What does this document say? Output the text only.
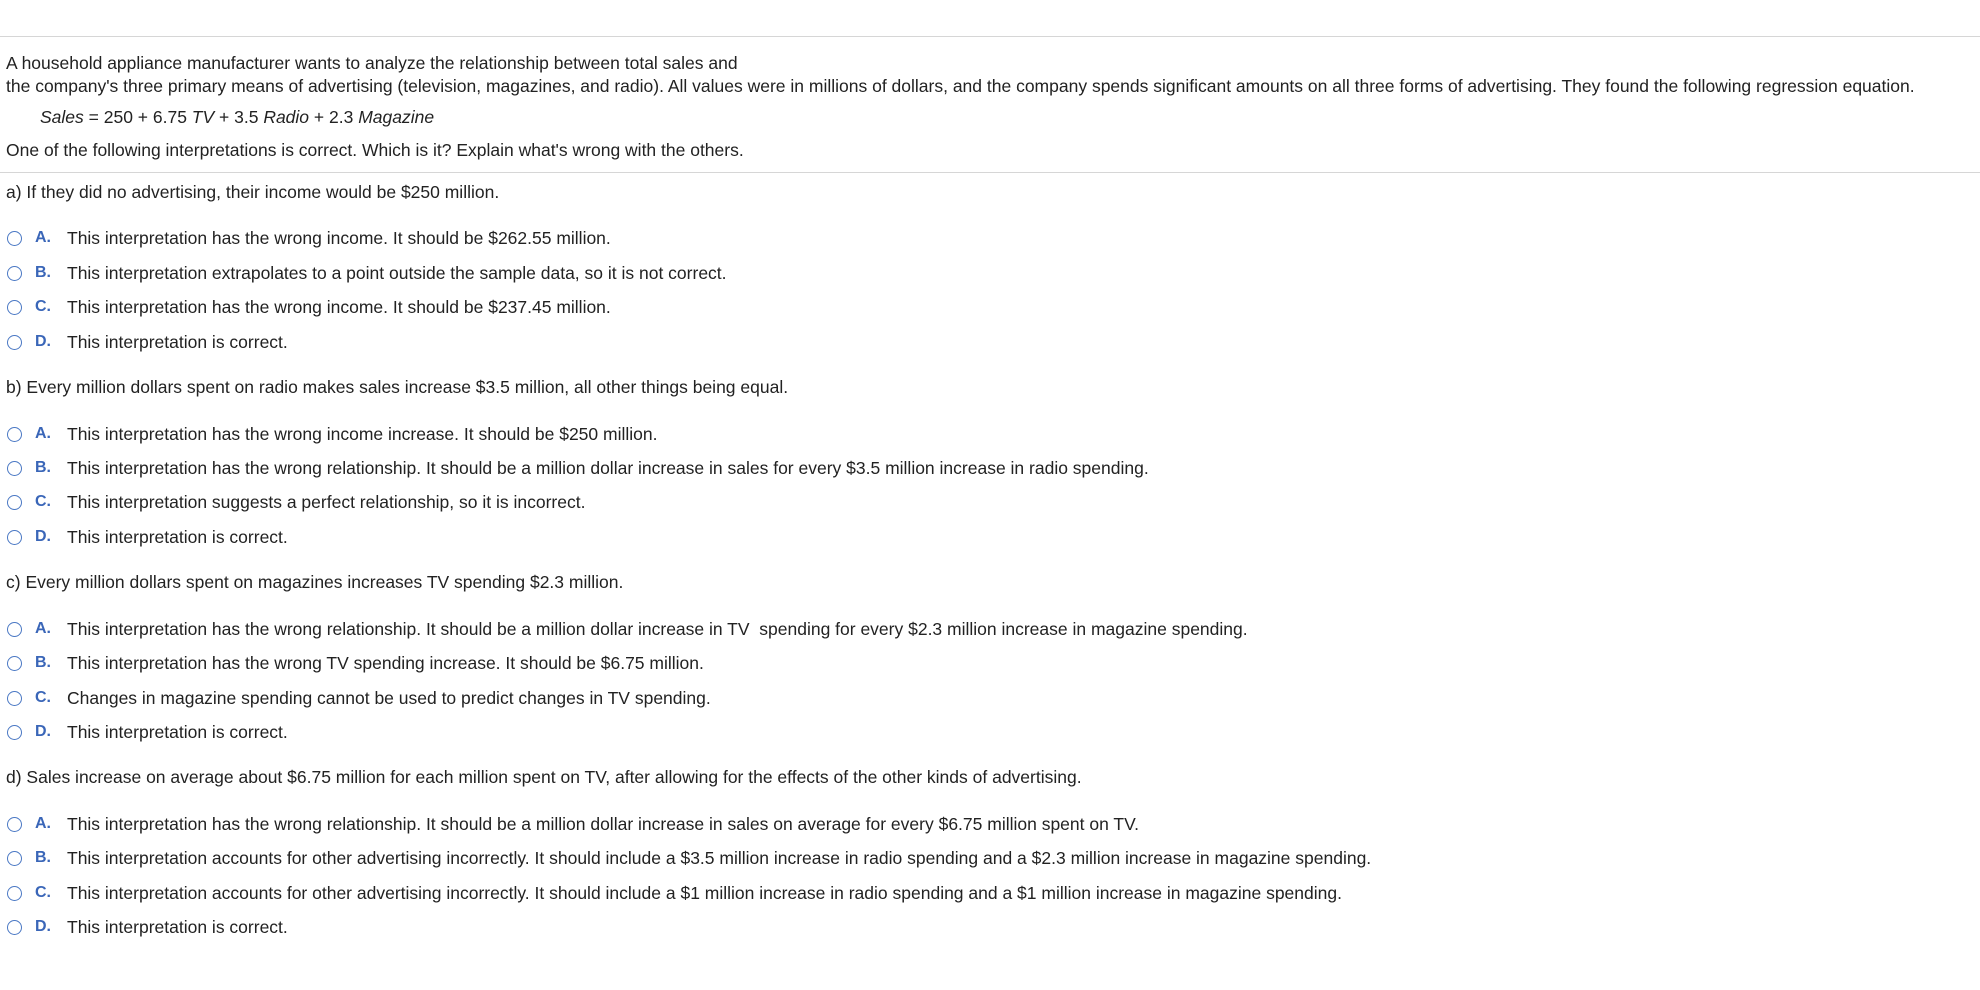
A household appliance manufacturer wants to analyze the relationship between total sales and

the company's three primary means of advertising (television, magazines, and radio). All values were in millions of dollars, and the company spends significant amounts on all three forms of advertising. They found the following regression equation.

Sales = 250 + 6.75 TV + 3.5 Radio + 2.3 Magazine
One of the following interpretations is correct. Which is it? Explain what's wrong with the others.
a) If they did no advertising, their income would be $250 million.
A. This interpretation has the wrong income. It should be $262.55 million.
B. This interpretation extrapolates to a point outside the sample data, so it is not correct.
C. This interpretation has the wrong income. It should be $237.45 million.
D. This interpretation is correct.
b) Every million dollars spent on radio makes sales increase $3.5 million, all other things being equal.
A. This interpretation has the wrong income increase. It should be $250 million.
B. This interpretation has the wrong relationship. It should be a million dollar increase in sales for every $3.5 million increase in radio spending.
C. This interpretation suggests a perfect relationship, so it is incorrect.
D. This interpretation is correct.
c) Every million dollars spent on magazines increases TV spending $2.3 million.
A. This interpretation has the wrong relationship. It should be a million dollar increase in TV  spending for every $2.3 million increase in magazine spending.
B. This interpretation has the wrong TV spending increase. It should be $6.75 million.
C. Changes in magazine spending cannot be used to predict changes in TV spending.
D. This interpretation is correct.
d) Sales increase on average about $6.75 million for each million spent on TV, after allowing for the effects of the other kinds of advertising.
A. This interpretation has the wrong relationship. It should be a million dollar increase in sales on average for every $6.75 million spent on TV.
B. This interpretation accounts for other advertising incorrectly. It should include a $3.5 million increase in radio spending and a $2.3 million increase in magazine spending.
C. This interpretation accounts for other advertising incorrectly. It should include a $1 million increase in radio spending and a $1 million increase in magazine spending.
D. This interpretation is correct.
